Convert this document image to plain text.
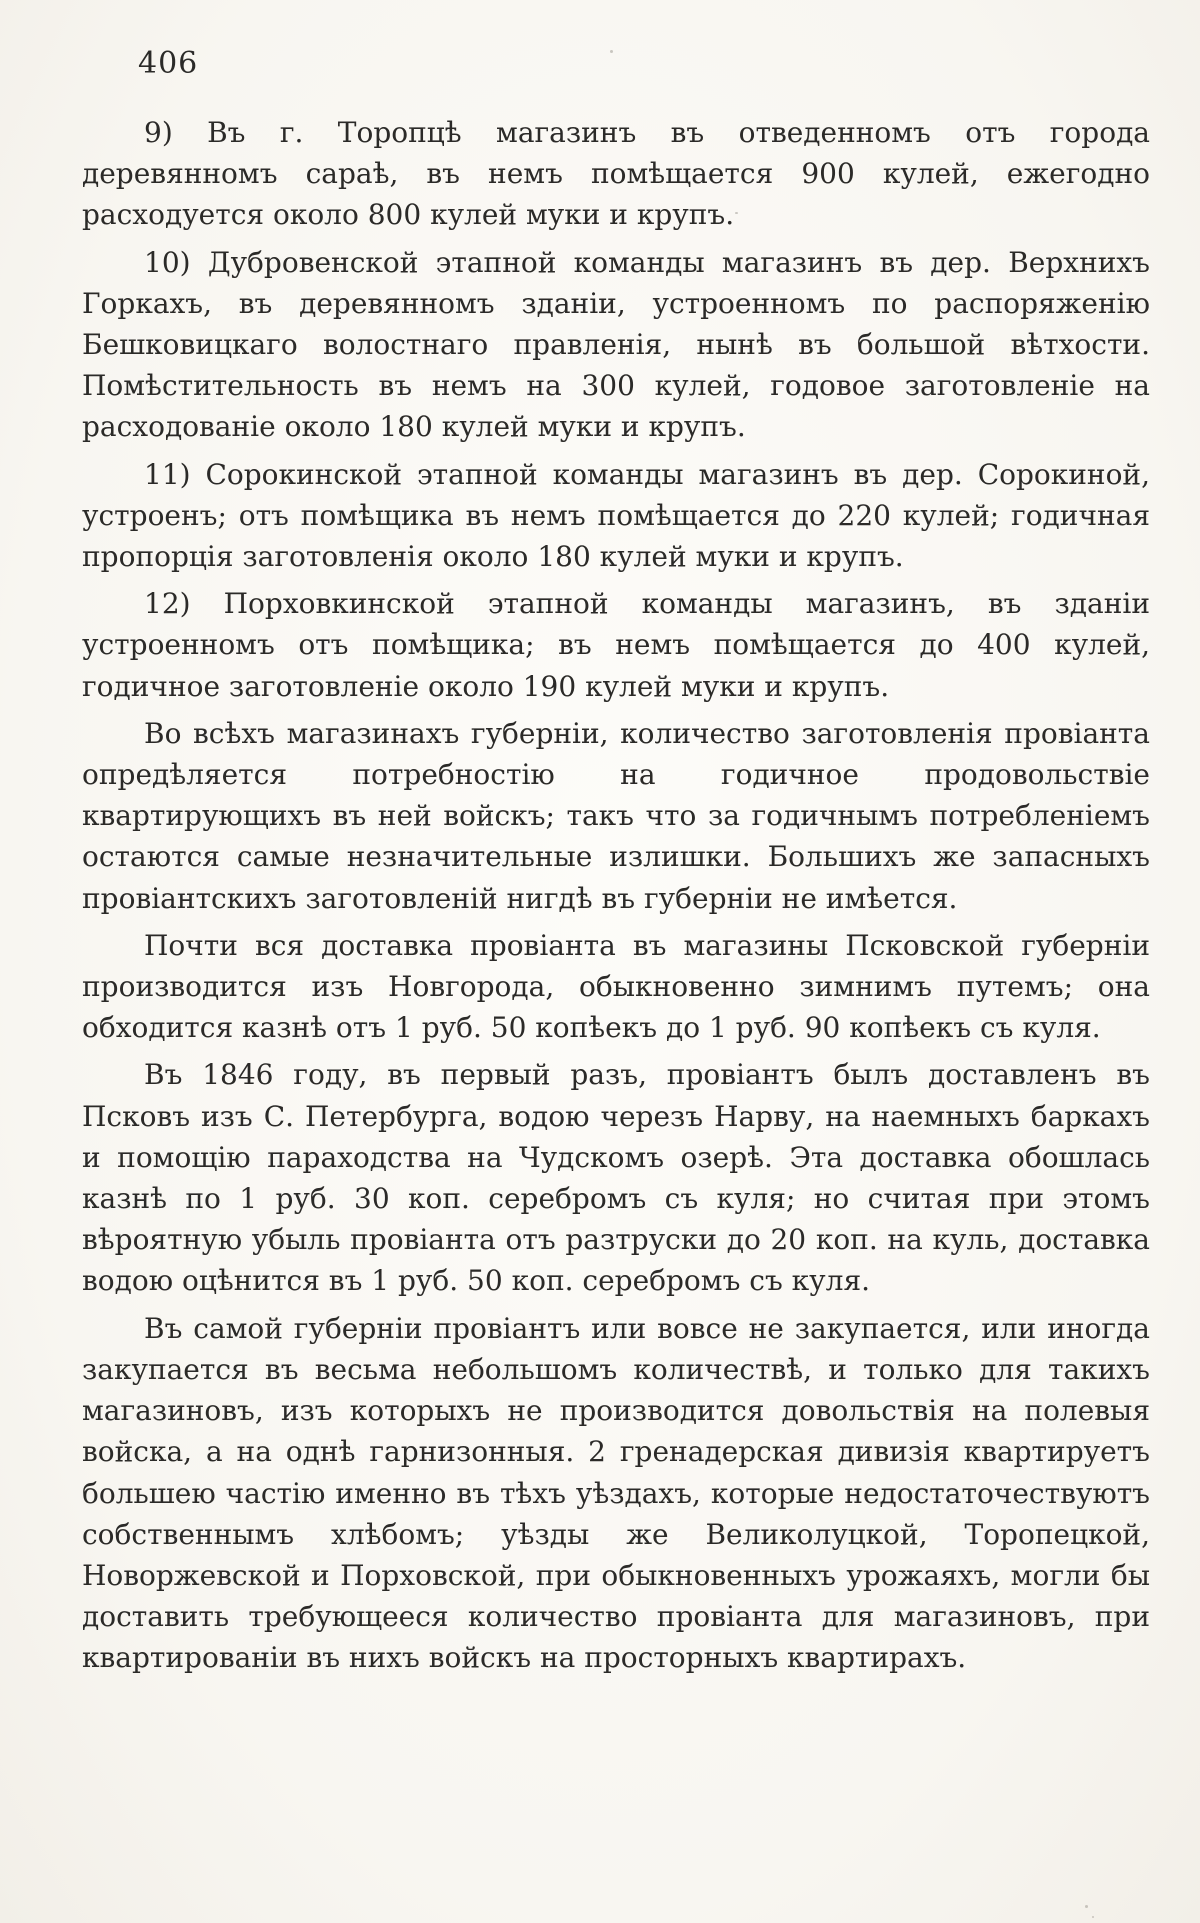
406

9) Въ г. Торопцѣ магазинъ въ отведенномъ отъ города деревянномъ сараѣ, въ немъ помѣщается 900 кулей, ежегодно расходуется около 800 кулей муки и крупъ.

10) Дубровенской этапной команды магазинъ въ дер. Верхнихъ Горкахъ, въ деревянномъ зданіи, устроенномъ по распоряженію Бешковицкаго волостнаго правленія, нынѣ въ большой вѣтхости. Помѣстительность въ немъ на 300 кулей, годовое заготовленіе на расходованіе около 180 кулей муки и крупъ.

11) Сорокинской этапной команды магазинъ въ дер. Сорокиной, устроенъ; отъ помѣщика въ немъ помѣщается до 220 кулей; годичная пропорція заготовленія около 180 кулей муки и крупъ.

12) Порховкинской этапной команды магазинъ, въ зданіи устроенномъ отъ помѣщика; въ немъ помѣщается до 400 кулей, годичное заготовленіе около 190 кулей муки и крупъ.

Во всѣхъ магазинахъ губерніи, количество заготовленія провіанта опредѣляется потребностію на годичное продовольствіе квартирующихъ въ ней войскъ; такъ что за годичнымъ потребленіемъ остаются самые незначительные излишки. Большихъ же запасныхъ провіантскихъ заготовленій нигдѣ въ губерніи не имѣется.

Почти вся доставка провіанта въ магазины Псковской губерніи производится изъ Новгорода, обыкновенно зимнимъ путемъ; она обходится казнѣ отъ 1 руб. 50 копѣекъ до 1 руб. 90 копѣекъ съ куля.

Въ 1846 году, въ первый разъ, провіантъ былъ доставленъ въ Псковъ изъ С. Петербурга, водою черезъ Нарву, на наемныхъ баркахъ и помощію параходства на Чудскомъ озерѣ. Эта доставка обошлась казнѣ по 1 руб. 30 коп. серебромъ съ куля; но считая при этомъ вѣроятную убыль провіанта отъ разтруски до 20 коп. на куль, доставка водою оцѣнится въ 1 руб. 50 коп. серебромъ съ куля.

Въ самой губерніи провіантъ или вовсе не закупается, или иногда закупается въ весьма небольшомъ количествѣ, и только для такихъ магазиновъ, изъ которыхъ не производится довольствія на полевыя войска, а на однѣ гарнизонныя. 2 гренадерская дивизія квартируетъ большею частію именно въ тѣхъ уѣздахъ, которые недостаточествуютъ собственнымъ хлѣбомъ; уѣзды же Великолуцкой, Торопецкой, Новоржевской и Порховской, при обыкновенныхъ урожаяхъ, могли бы доставить требующееся количество провіанта для магазиновъ, при квартированіи въ нихъ войскъ на просторныхъ квартирахъ.
